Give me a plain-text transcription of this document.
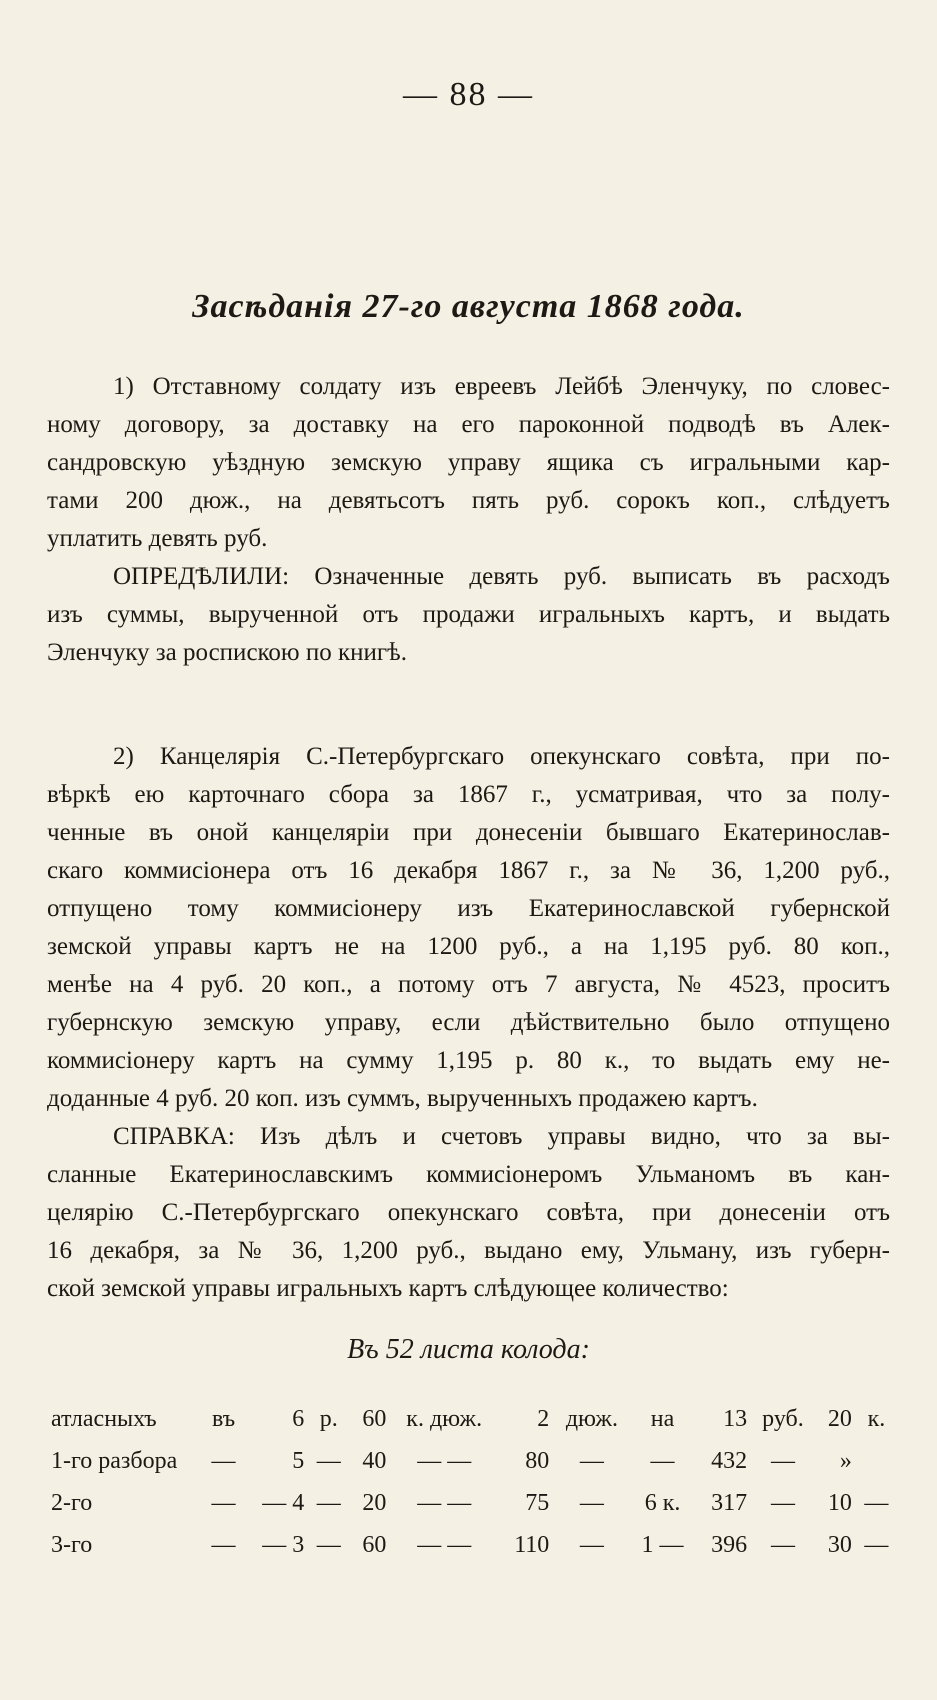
— 88 —
Засѣданія 27-го августа 1868 года.
1) Отставному солдату изъ евреевъ Лейбѣ Эленчуку, по словес-
ному договору, за доставку на его пароконной подводѣ въ Алек-
сандровскую уѣздную земскую управу ящика съ игральными кар-
тами 200 дюж., на девятьсотъ пять руб. сорокъ коп., слѣдуетъ
уплатить девять руб.
ОПРЕДѢЛИЛИ: Означенные девять руб. выписать въ расходъ
изъ суммы, вырученной отъ продажи игральныхъ картъ, и выдать
Эленчуку за роспискою по книгѣ.
2) Канцелярія С.-Петербургскаго опекунскаго совѣта, при по-
вѣркѣ ею карточнаго сбора за 1867 г., усматривая, что за полу-
ченные въ оной канцеляріи при донесеніи бывшаго Екатеринослав-
скаго коммисіонера отъ 16 декабря 1867 г., за № 36, 1,200 руб.,
отпущено тому коммисіонеру изъ Екатеринославской губернской
земской управы картъ не на 1200 руб., а на 1,195 руб. 80 коп.,
менѣе на 4 руб. 20 коп., а потому отъ 7 августа, № 4523, проситъ
губернскую земскую управу, если дѣйствительно было отпущено
коммисіонеру картъ на сумму 1,195 р. 80 к., то выдать ему не-
доданные 4 руб. 20 коп. изъ суммъ, вырученныхъ продажею картъ.
СПРАВКА: Изъ дѣлъ и счетовъ управы видно, что за вы-
сланные Екатеринославскимъ коммисіонеромъ Ульманомъ въ кан-
целярію С.-Петербургскаго опекунскаго совѣта, при донесеніи отъ
16 декабря, за № 36, 1,200 руб., выдано ему, Ульману, изъ губерн-
ской земской управы игральныхъ картъ слѣдующее количество:
Въ 52 листа колода:
атласныхъ	въ	6	р.	60	к. дюж.	2	дюж.	на	13	руб.	20	к.
1-го разбора	—	5	—	40	— —	80	—	—	432	—	»	
2-го	—	— 4	—	20	— —	75	—	6 к.	317	—	10	—
3-го	—	— 3	—	60	— —	110	—	1 —	396	—	30	—
